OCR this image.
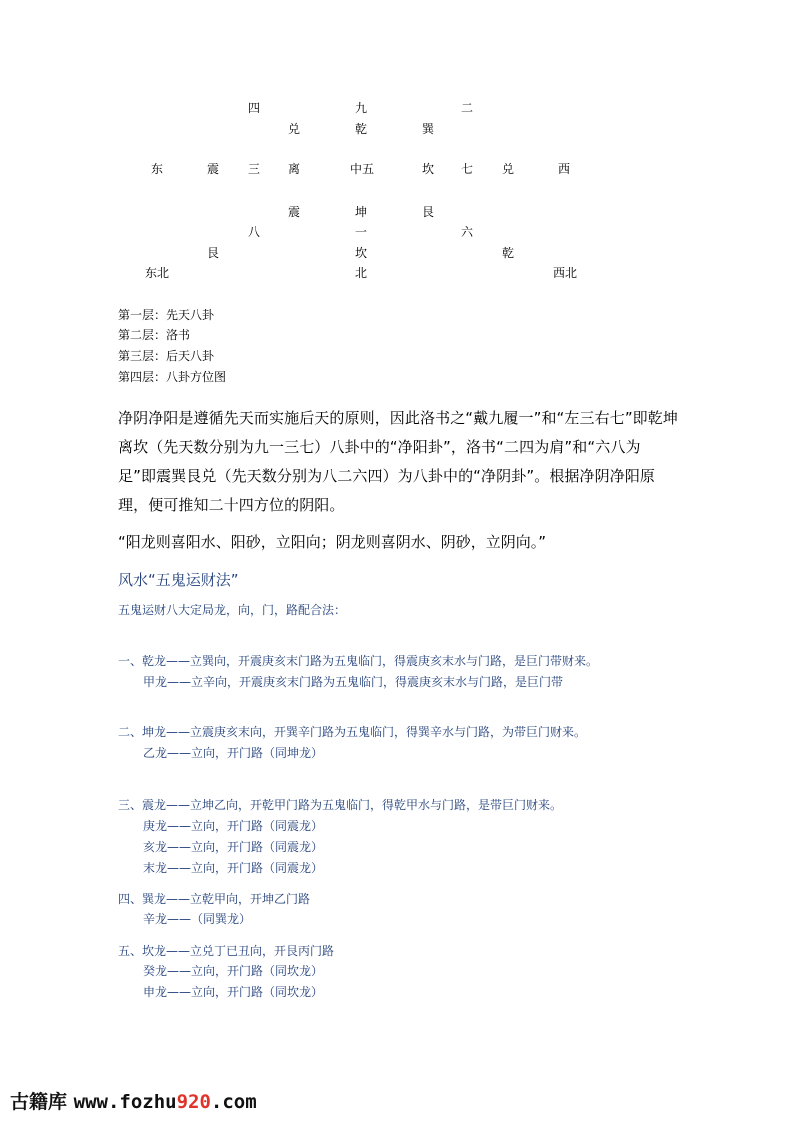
四	九	二
兑	乾	巽
东	震 三 离	中五	坎 七 兑	西
震	坤	艮
八	一	六
艮	坎	乾
东北	北	西北
第一层：先天八卦
第二层：洛书
第三层：后天八卦
第四层：八卦方位图
净阴净阳是遵循先天而实施后天的原则，因此洛书之“戴九履一”和“左三右七”即乾坤离坎（先天数分别为九一三七）八卦中的“净阳卦”，洛书“二四为肩”和“六八为足”即震巽艮兑（先天数分别为八二六四）为八卦中的“净阴卦”。根据净阴净阳原理，便可推知二十四方位的阴阳。
“阳龙则喜阳水、阳砂，立阳向；阴龙则喜阴水、阴砂，立阴向。”
风水“五鬼运财法”
五鬼运财八大定局龙，向，门，路配合法：
一、乾龙——立巽向，开震庚亥末门路为五鬼临门，得震庚亥末水与门路，是巨门带财来。
甲龙——立辛向，开震庚亥末门路为五鬼临门，得震庚亥末水与门路，是巨门带
二、坤龙——立震庚亥末向，开巽辛门路为五鬼临门，得巽辛水与门路，为带巨门财来。
乙龙——立向，开门路（同坤龙）
三、震龙——立坤乙向，开乾甲门路为五鬼临门，得乾甲水与门路，是带巨门财来。
庚龙——立向，开门路（同震龙）
亥龙——立向，开门路（同震龙）
末龙——立向，开门路（同震龙）
四、巽龙——立乾甲向，开坤乙门路
辛龙——（同巽龙）
五、坎龙——立兑丁已丑向，开艮丙门路
癸龙——立向，开门路（同坎龙）
申龙——立向，开门路（同坎龙）
古籍库 www.fozhu920.com
